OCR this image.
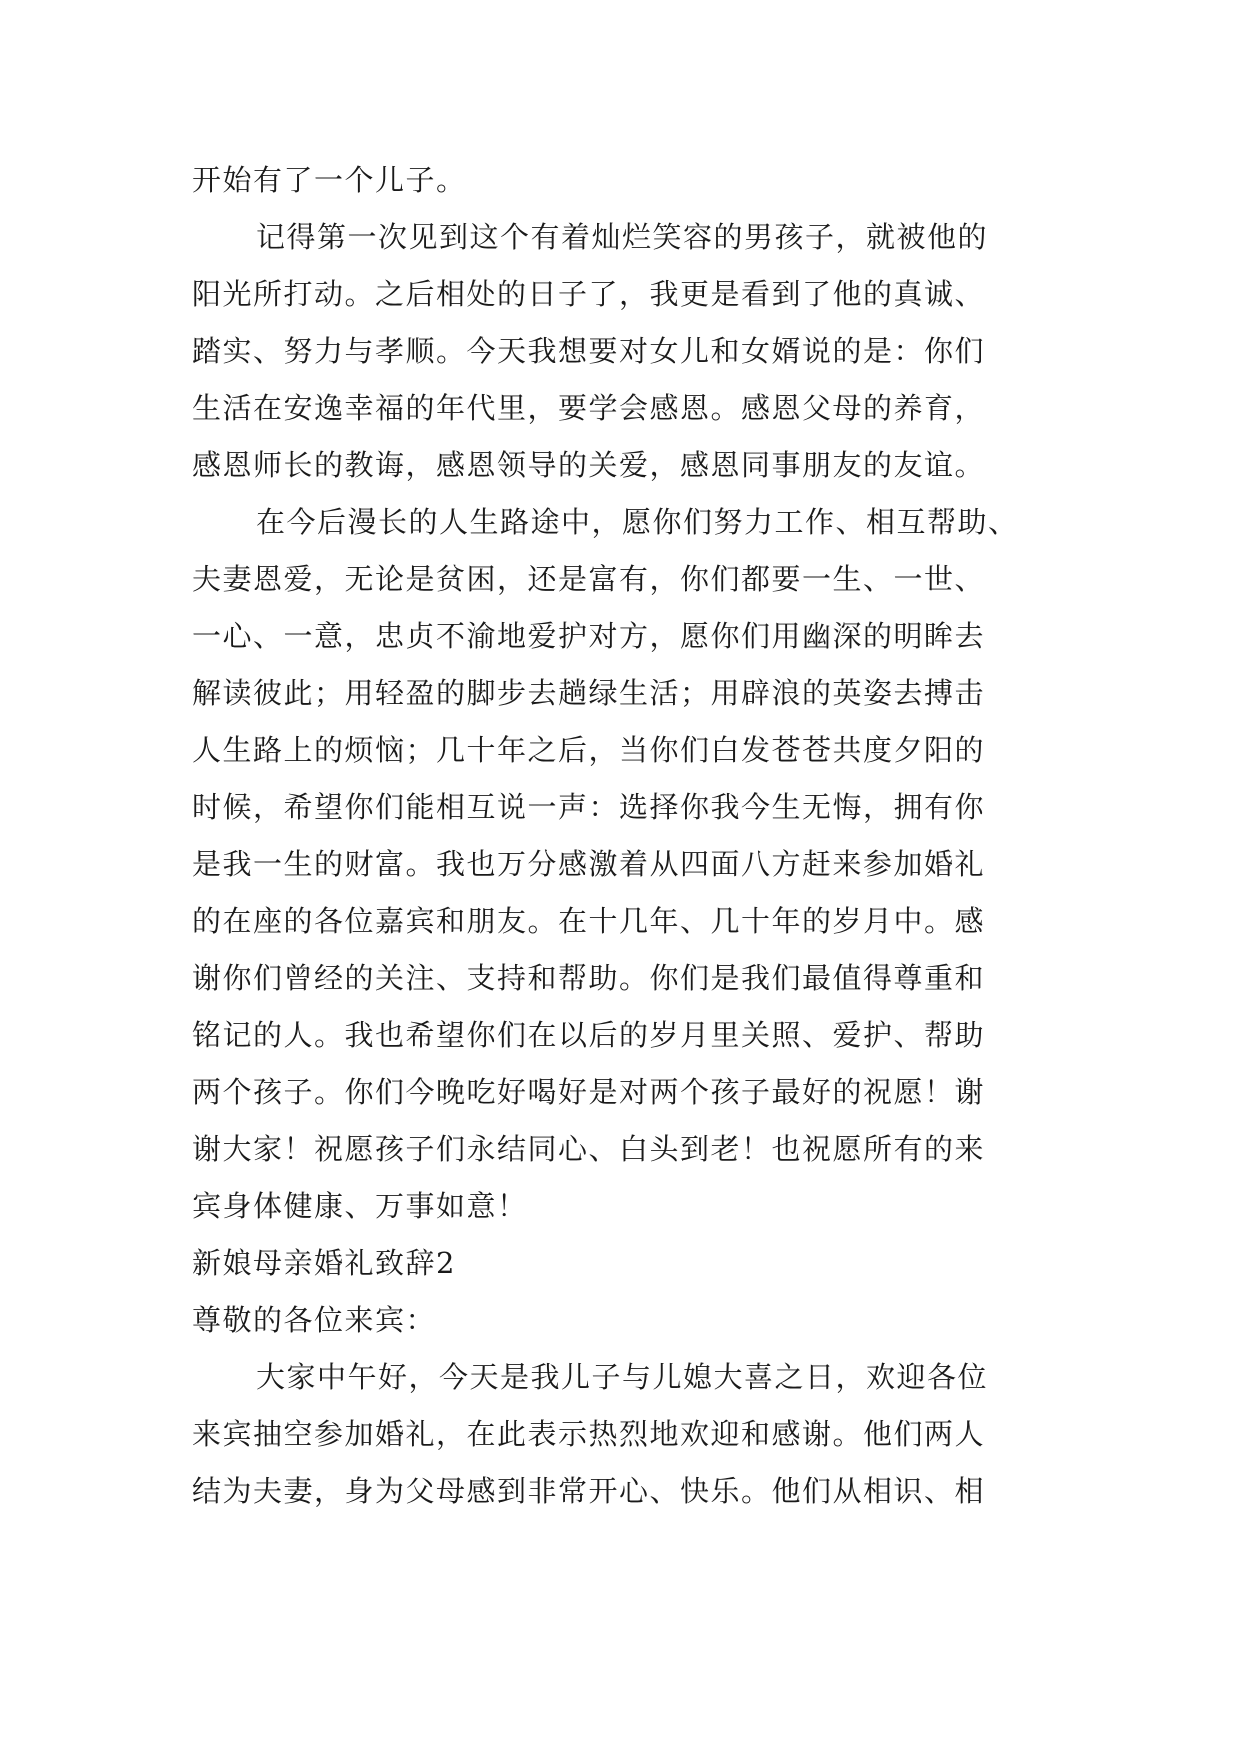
开始有了一个儿子。
记得第一次见到这个有着灿烂笑容的男孩子，就被他的
阳光所打动。之后相处的日子了，我更是看到了他的真诚、
踏实、努力与孝顺。今天我想要对女儿和女婿说的是：你们
生活在安逸幸福的年代里，要学会感恩。感恩父母的养育，
感恩师长的教诲，感恩领导的关爱，感恩同事朋友的友谊。
在今后漫长的人生路途中，愿你们努力工作、相互帮助、
夫妻恩爱，无论是贫困，还是富有，你们都要一生、一世、
一心、一意，忠贞不渝地爱护对方，愿你们用幽深的明眸去
解读彼此；用轻盈的脚步去趟绿生活；用辟浪的英姿去搏击
人生路上的烦恼；几十年之后，当你们白发苍苍共度夕阳的
时候，希望你们能相互说一声：选择你我今生无悔，拥有你
是我一生的财富。我也万分感激着从四面八方赶来参加婚礼
的在座的各位嘉宾和朋友。在十几年、几十年的岁月中。感
谢你们曾经的关注、支持和帮助。你们是我们最值得尊重和
铭记的人。我也希望你们在以后的岁月里关照、爱护、帮助
两个孩子。你们今晚吃好喝好是对两个孩子最好的祝愿！谢
谢大家！祝愿孩子们永结同心、白头到老！也祝愿所有的来
宾身体健康、万事如意！
新娘母亲婚礼致辞2
尊敬的各位来宾：
大家中午好，今天是我儿子与儿媳大喜之日，欢迎各位
来宾抽空参加婚礼，在此表示热烈地欢迎和感谢。他们两人
结为夫妻，身为父母感到非常开心、快乐。他们从相识、相
